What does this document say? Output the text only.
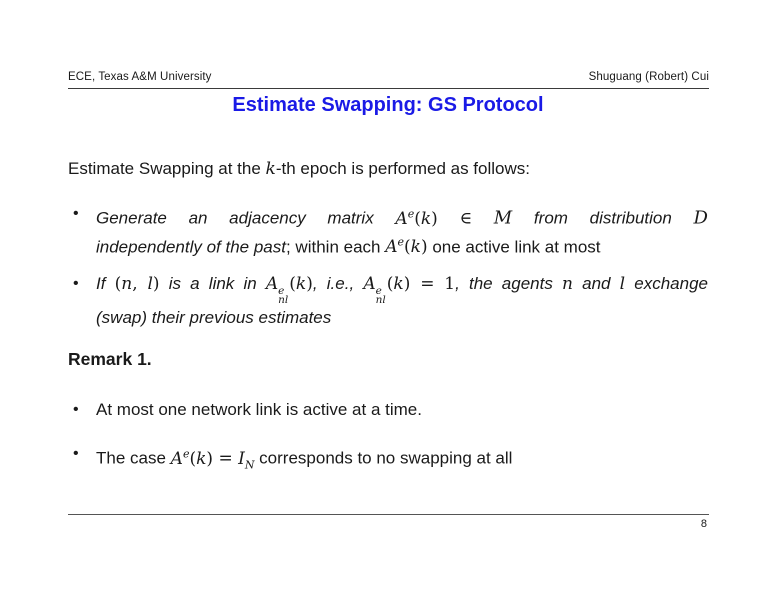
ECE, Texas A&M University	Shuguang (Robert) Cui
Estimate Swapping: GS Protocol

Estimate Swapping at the k-th epoch is performed as follows:

•	Generate an adjacency matrix $A^e(k)$ ∈ M from distribution D
independently of the past; within each $A^e(k)$ one active link at most
•	If (n, l) is a link in A e
nl
(k), i.e., A e
nl
(k) = 1, the agents n and l exchange
(swap) their previous estimates
Remark 1.
•	At most one network link is active at a time.
•	The case $A^e(k) = I_N$ corresponds to no swapping at all
8
